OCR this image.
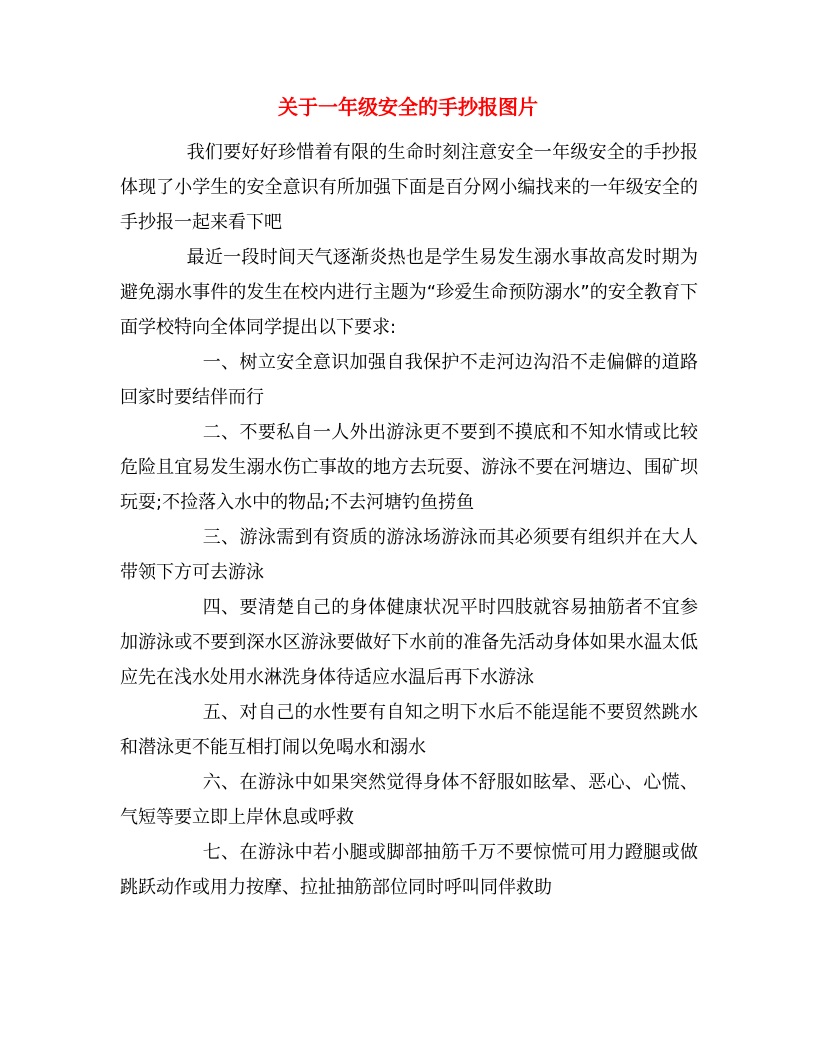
关于一年级安全的手抄报图片

我们要好好珍惜着有限的生命时刻注意安全一年级安全的手抄报体现了小学生的安全意识有所加强下面是百分网小编找来的一年级安全的手抄报一起来看下吧

最近一段时间天气逐渐炎热也是学生易发生溺水事故高发时期为避免溺水事件的发生在校内进行主题为“珍爱生命预防溺水”的安全教育下面学校特向全体同学提出以下要求:

一、树立安全意识加强自我保护不走河边沟沿不走偏僻的道路回家时要结伴而行

二、不要私自一人外出游泳更不要到不摸底和不知水情或比较危险且宜易发生溺水伤亡事故的地方去玩耍、游泳不要在河塘边、围矿坝玩耍;不捡落入水中的物品;不去河塘钓鱼捞鱼

三、游泳需到有资质的游泳场游泳而其必须要有组织并在大人带领下方可去游泳

四、要清楚自己的身体健康状况平时四肢就容易抽筋者不宜参加游泳或不要到深水区游泳要做好下水前的准备先活动身体如果水温太低应先在浅水处用水淋洗身体待适应水温后再下水游泳

五、对自己的水性要有自知之明下水后不能逞能不要贸然跳水和潜泳更不能互相打闹以免喝水和溺水

六、在游泳中如果突然觉得身体不舒服如眩晕、恶心、心慌、气短等要立即上岸休息或呼救

七、在游泳中若小腿或脚部抽筋千万不要惊慌可用力蹬腿或做跳跃动作或用力按摩、拉扯抽筋部位同时呼叫同伴救助
